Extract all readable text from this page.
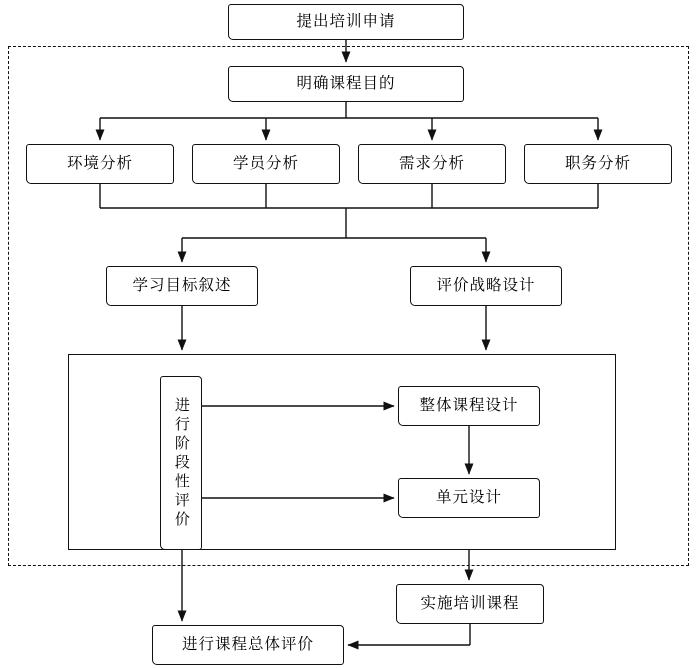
提出培训申请
明确课程目的
环境分析	学员分析	需求分析	职务分析
学习目标叙述	评价战略设计
进行阶段性评价	整体课程设计
单元设计
实施培训课程
进行课程总体评价
